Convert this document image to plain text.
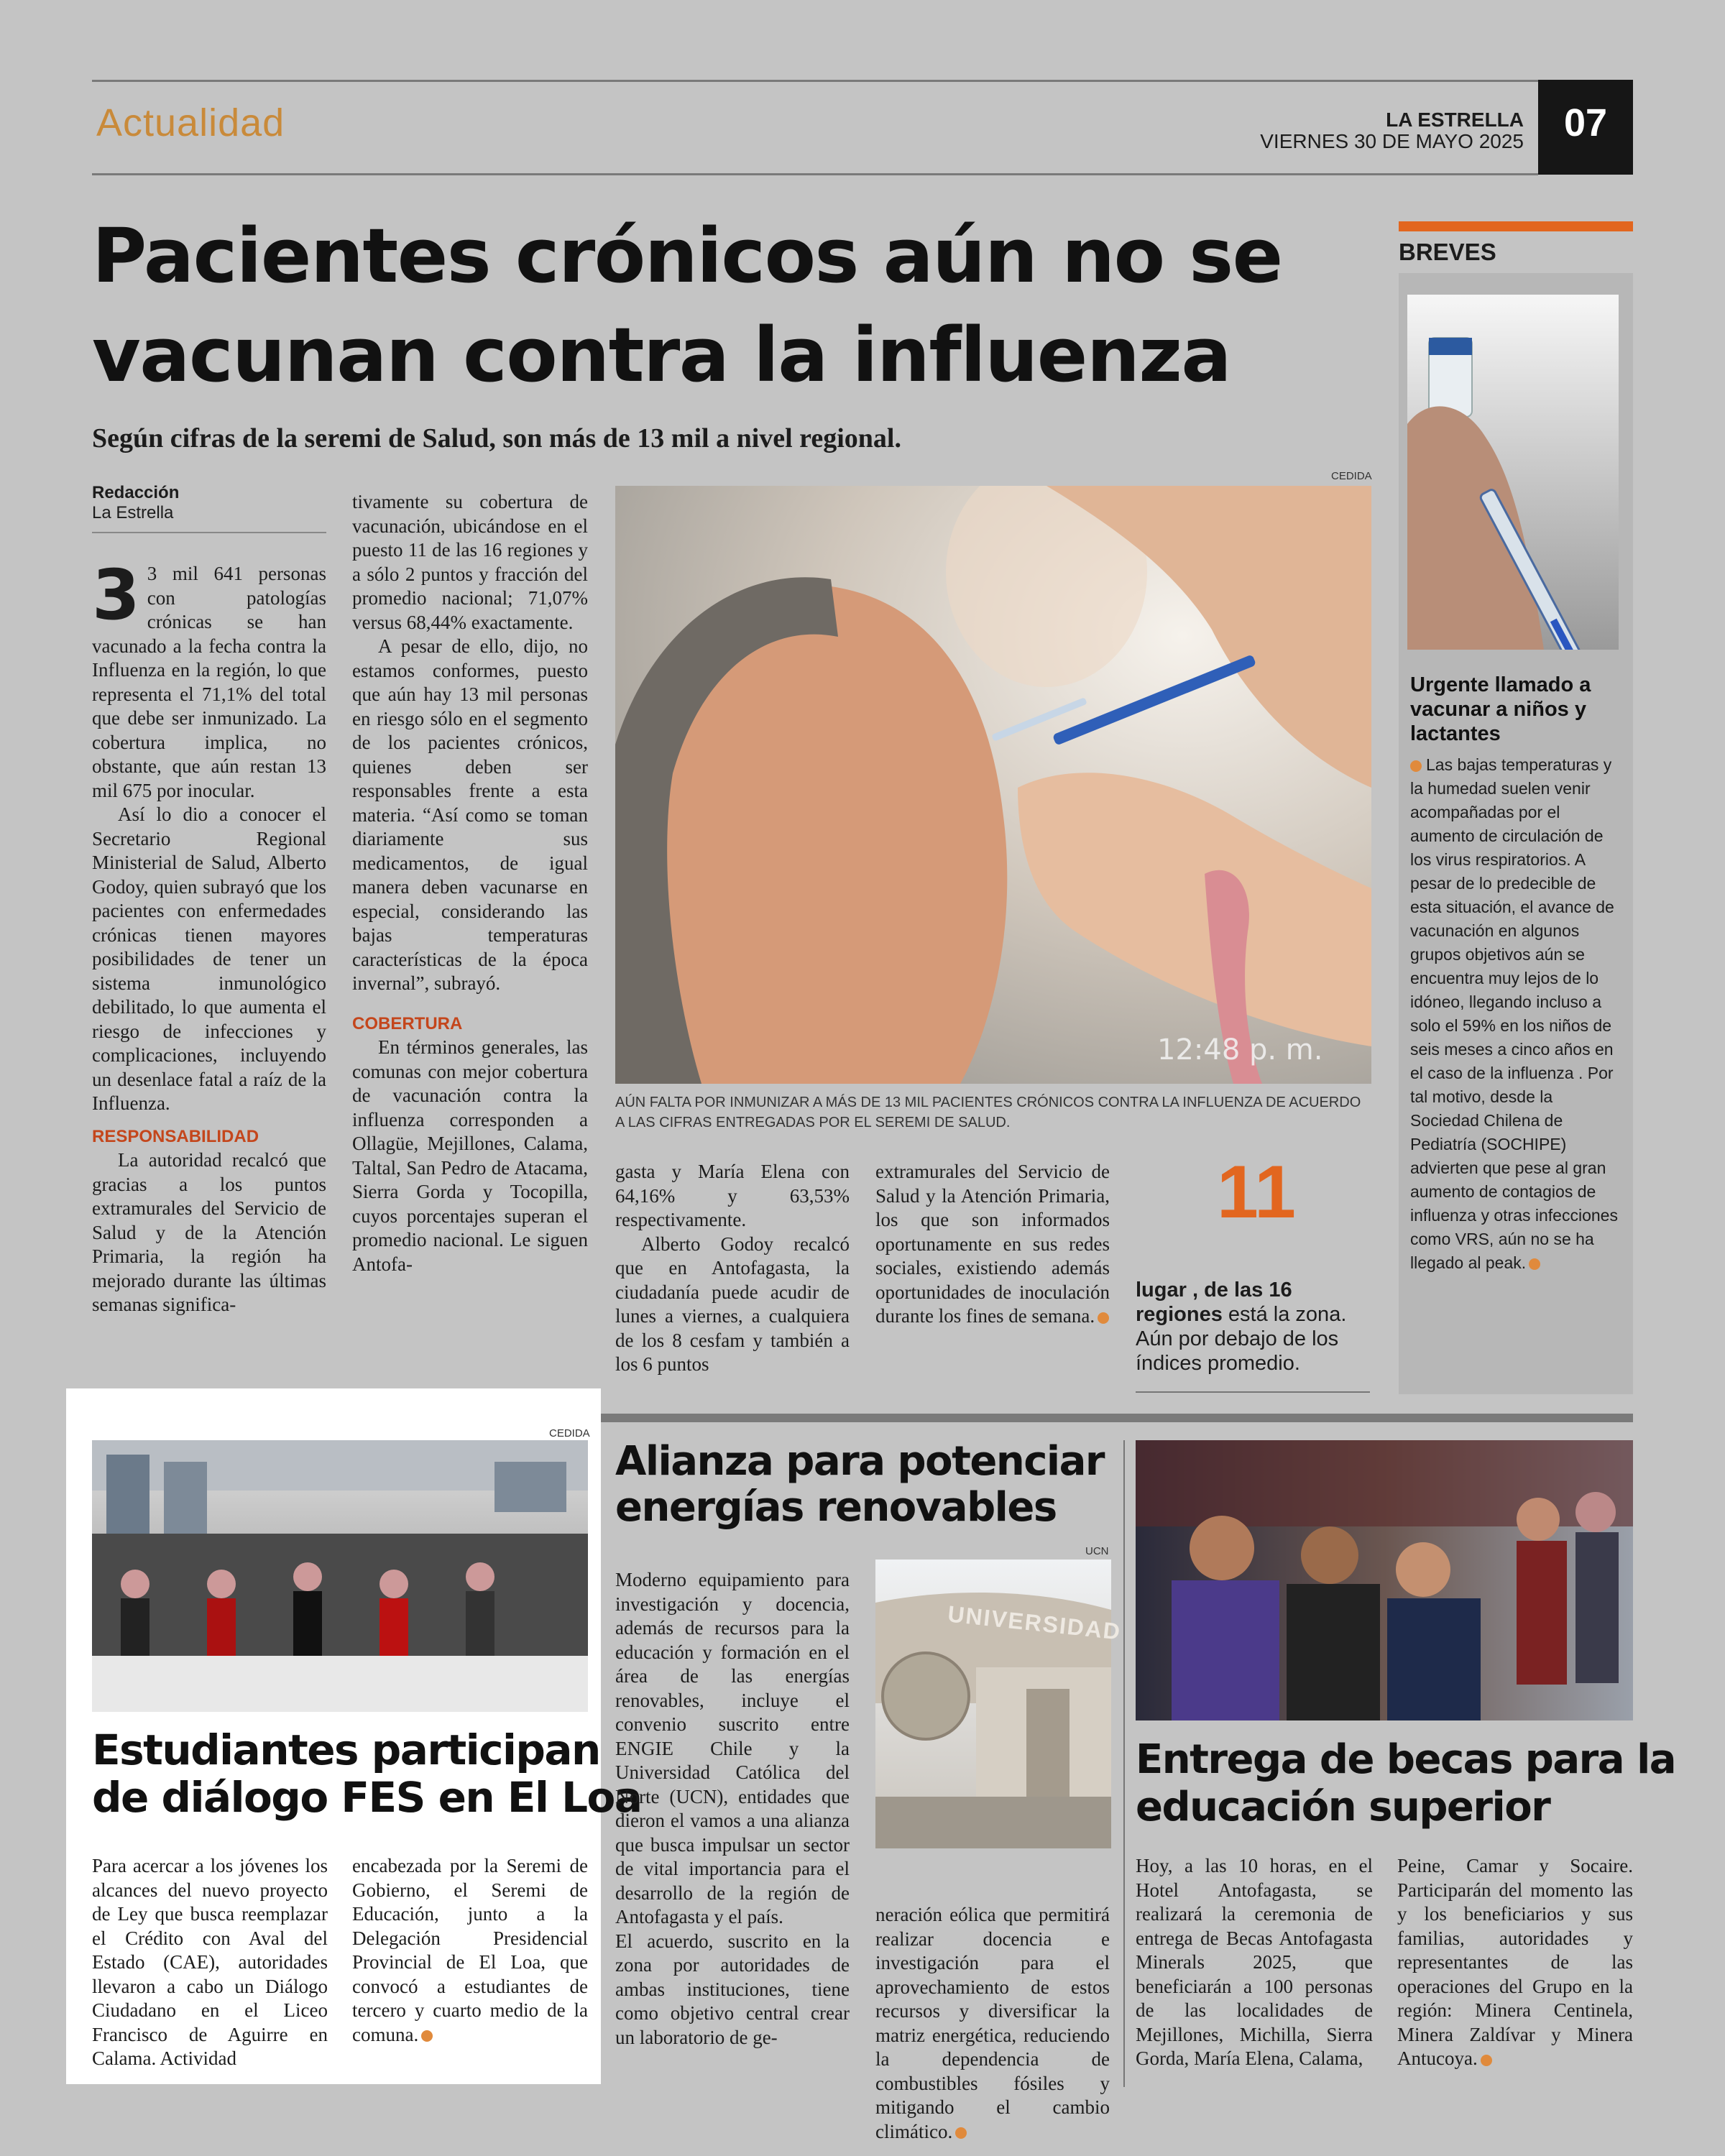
Actualidad	LA ESTRELLA
VIERNES 30 DE MAYO 2025	07
Pacientes crónicos aún no se
vacunan contra la influenza
Según cifras de la seremi de Salud, son más de 13 mil a nivel regional.
Redacción
La Estrella
3 3 mil 641 personas con patologías crónicas se han vacunado a la fecha contra la Influenza en la región, lo que representa el 71,1% del total que debe ser inmunizado. La cobertura implica, no obstante, que aún restan 13 mil 675 por inocular.

Así lo dio a conocer el Secretario Regional Ministerial de Salud, Alberto Godoy, quien subrayó que los pacientes con enfermedades crónicas tienen mayores posibilidades de tener un sistema inmunológico debilitado, lo que aumenta el riesgo de infecciones y complicaciones, incluyendo un desenlace fatal a raíz de la Influenza.

RESPONSABILIDAD

La autoridad recalcó que gracias a los puntos extramurales del Servicio de Salud y de la Atención Primaria, la región ha mejorado durante las últimas semanas significa-

tivamente su cobertura de vacunación, ubicándose en el puesto 11 de las 16 regiones y a sólo 2 puntos y fracción del promedio nacional; 71,07% versus 68,44% exactamente.

A pesar de ello, dijo, no estamos conformes, puesto que aún hay 13 mil personas en riesgo sólo en el segmento de los pacientes crónicos, quienes deben ser responsables frente a esta materia. “Así como se toman diariamente sus medicamentos, de igual manera deben vacunarse en especial, considerando las bajas temperaturas características de la época invernal”, subrayó.

COBERTURA

En términos generales, las comunas con mejor cobertura de vacunación contra la influenza corresponden a Ollagüe, Mejillones, Calama, Taltal, San Pedro de Atacama, Sierra Gorda y Tocopilla, cuyos porcentajes superan el promedio nacional. Le siguen Antofa-

CEDIDA
12:48 p. m.
AÚN FALTA POR INMUNIZAR A MÁS DE 13 MIL PACIENTES CRÓNICOS CONTRA LA INFLUENZA DE ACUERDO A LAS CIFRAS ENTREGADAS POR EL SEREMI DE SALUD.

gasta y María Elena con 64,16% y 63,53% respectivamente.

Alberto Godoy recalcó que en Antofagasta, la ciudadanía puede acudir de lunes a viernes, a cualquiera de los 8 cesfam y también a los 6 puntos

extramurales del Servicio de Salud y la Atención Primaria, los que son informados oportunamente en sus redes sociales, existiendo además oportunidades de inoculación durante los fines de semana.

11
lugar , de las 16 regiones está la zona. Aún por debajo de los índices promedio.
BREVES
Urgente llamado a vacunar a niños y lactantes
Las bajas temperaturas y la humedad suelen venir acompañadas por el aumento de circulación de los virus respiratorios. A pesar de lo predecible de esta situación, el avance de vacunación en algunos grupos objetivos aún se encuentra muy lejos de lo idóneo, llegando incluso a solo el 59% en los niños de seis meses a cinco años en el caso de la influenza . Por tal motivo, desde la Sociedad Chilena de Pediatría (SOCHIPE) advierten que pese al gran aumento de contagios de influenza y otras infecciones como VRS, aún no se ha llegado al peak.
CEDIDA
Estudiantes participan
de diálogo FES en El Loa

Para acercar a los jóvenes los alcances del nuevo proyecto de Ley que busca reemplazar el Crédito con Aval del Estado (CAE), autoridades llevaron a cabo un Diálogo Ciudadano en el Liceo Francisco de Aguirre en Calama. Actividad

encabezada por la Seremi de Gobierno, el Seremi de Educación, junto a la Delegación Presidencial Provincial de El Loa, que convocó a estudiantes de tercero y cuarto medio de la comuna.

Alianza para potenciar
energías renovables

Moderno equipamiento para investigación y docencia, además de recursos para la educación y formación en el área de las energías renovables, incluye el convenio suscrito entre ENGIE Chile y la Universidad Católica del Norte (UCN), entidades que dieron el vamos a una alianza que busca impulsar un sector de vital importancia para el desarrollo de la región de Antofagasta y el país.

El acuerdo, suscrito en la zona por autoridades de ambas instituciones, tiene como objetivo central crear un laboratorio de ge-

UCN
UNIVERSIDAD

neración eólica que permitirá realizar docencia e investigación para el aprovechamiento de estos recursos y diversificar la matriz energética, reduciendo la dependencia de combustibles fósiles y mitigando el cambio climático.

Entrega de becas para la
educación superior

Hoy, a las 10 horas, en el Hotel Antofagasta, se realizará la ceremonia de entrega de Becas Antofagasta Minerals 2025, que beneficiarán a 100 personas de las localidades de Mejillones, Michilla, Sierra Gorda, María Elena, Calama,

Peine, Camar y Socaire. Participarán del momento las y los beneficiarios y sus familias, autoridades y representantes de las operaciones del Grupo en la región: Minera Centinela, Minera Zaldívar y Minera Antucoya.
